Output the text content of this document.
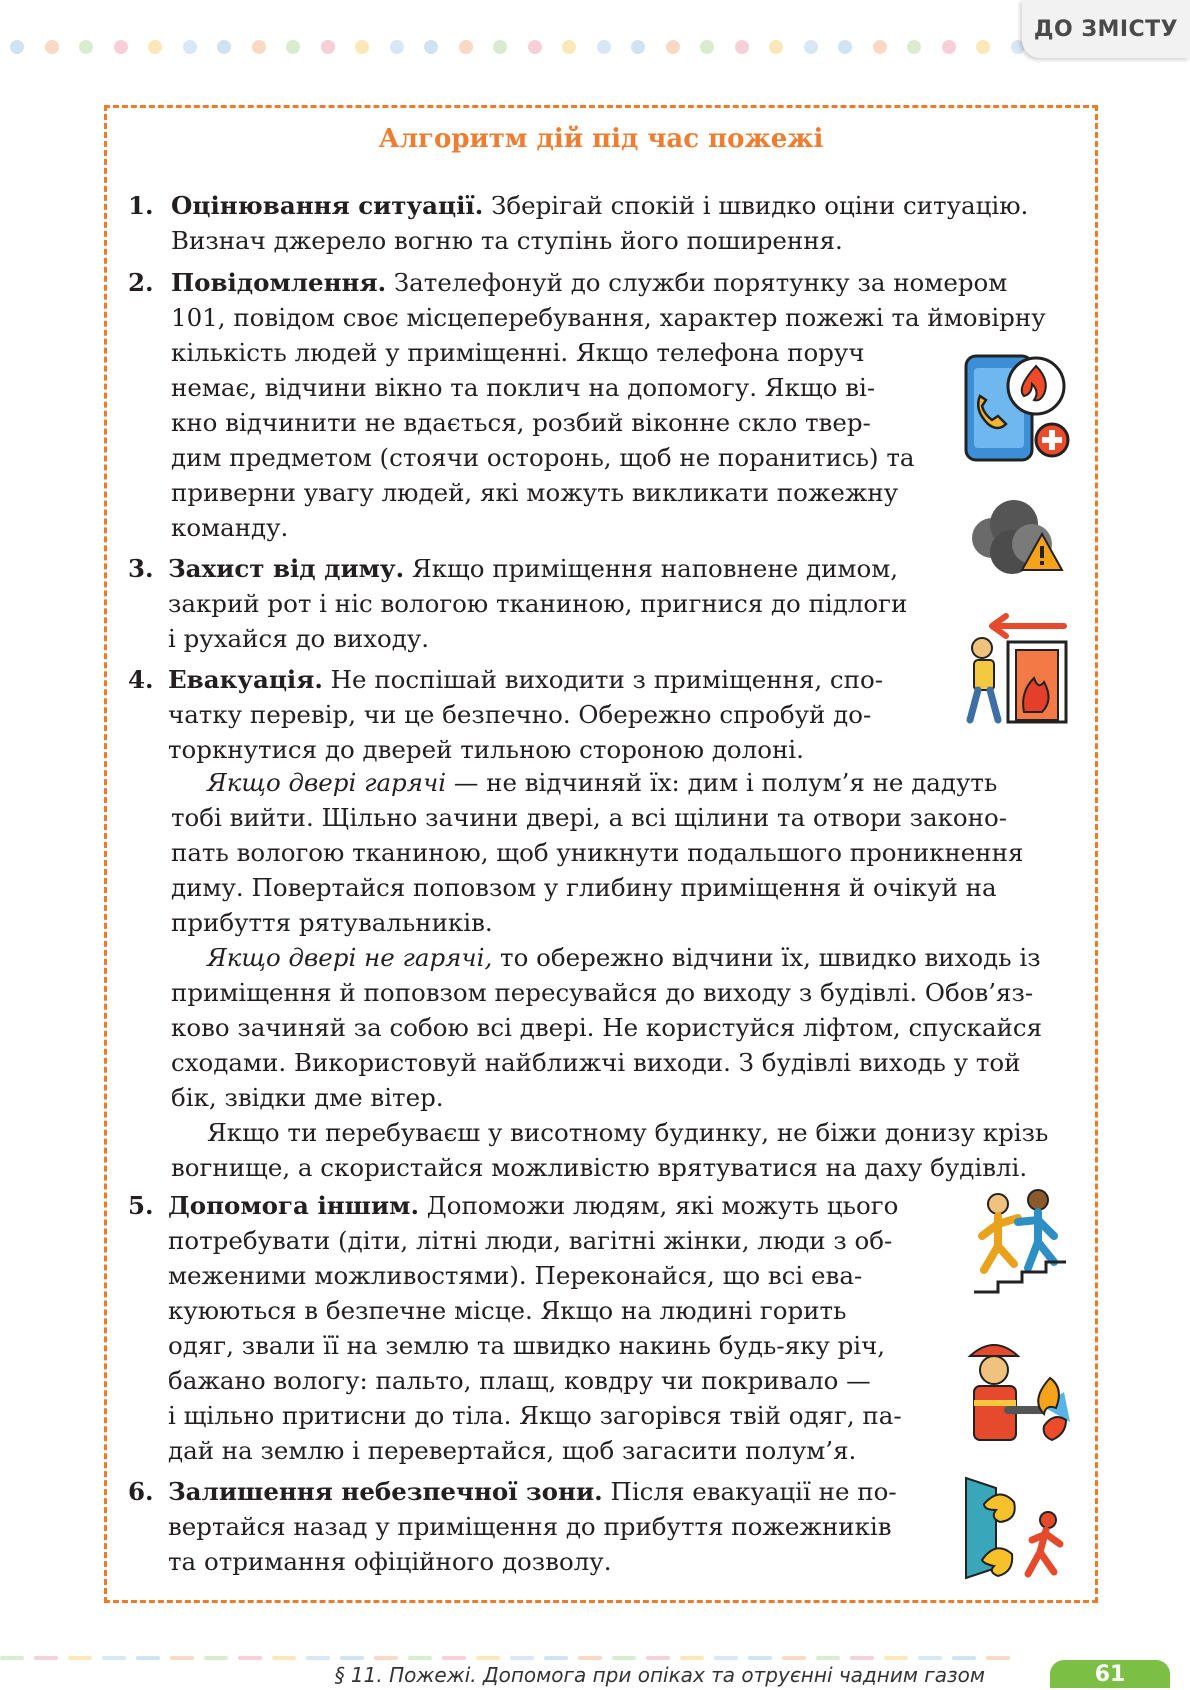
ДО ЗМІСТУ
Алгоритм дій під час пожежі
1. Оцінювання ситуації. Зберігай спокій і швидко оціни ситуацію.
Визнач джерело вогню та ступінь його поширення.

2. Повідомлення. Зателефонуй до служби порятунку за номером
101, повідом своє місцеперебування, характер пожежі та ймовірну
кількість людей у приміщенні. Якщо телефона поруч
немає, відчини вікно та поклич на допомогу. Якщо ві-
кно відчинити не вдається, розбий віконне скло твер-
дим предметом (стоячи осторонь, щоб не поранитись) та
приверни увагу людей, які можуть викликати пожежну
команду.

3. Захист від диму. Якщо приміщення наповнене димом,
закрий рот і ніс вологою тканиною, пригнися до підлоги
і рухайся до виходу.

4. Евакуація. Не поспішай виходити з приміщення, спо-
чатку перевір, чи це безпечно. Обережно спробуй до-
торкнутися до дверей тильною стороною долоні.

Якщо двері гарячі — не відчиняй їх: дим і полум’я не дадуть
тобі вийти. Щільно зачини двері, а всі щілини та отвори законо-
пать вологою тканиною, щоб уникнути подальшого проникнення
диму. Повертайся поповзом у глибину приміщення й очікуй на
прибуття рятувальників.

Якщо двері не гарячі, то обережно відчини їх, швидко виходь із
приміщення й поповзом пересувайся до виходу з будівлі. Обов’яз-
ково зачиняй за собою всі двері. Не користуйся ліфтом, спускайся
сходами. Використовуй найближчі виходи. З будівлі виходь у той
бік, звідки дме вітер.

Якщо ти перебуваєш у висотному будинку, не біжи донизу крізь
вогнище, а скористайся можливістю врятуватися на даху будівлі.

5. Допомога іншим. Допоможи людям, які можуть цього
потребувати (діти, літні люди, вагітні жінки, люди з об-
меженими можливостями). Переконайся, що всі ева-
куюються в безпечне місце. Якщо на людині горить
одяг, звали її на землю та швидко накинь будь-яку річ,
бажано вологу: пальто, плащ, ковдру чи покривало —
і щільно притисни до тіла. Якщо загорівся твій одяг, па-
дай на землю і перевертайся, щоб загасити полум’я.

6. Залишення небезпечної зони. Після евакуації не по-
вертайся назад у приміщення до прибуття пожежників
та отримання офіційного дозволу.

§ 11. Пожежі. Допомога при опіках та отруєнні чадним газом	61
